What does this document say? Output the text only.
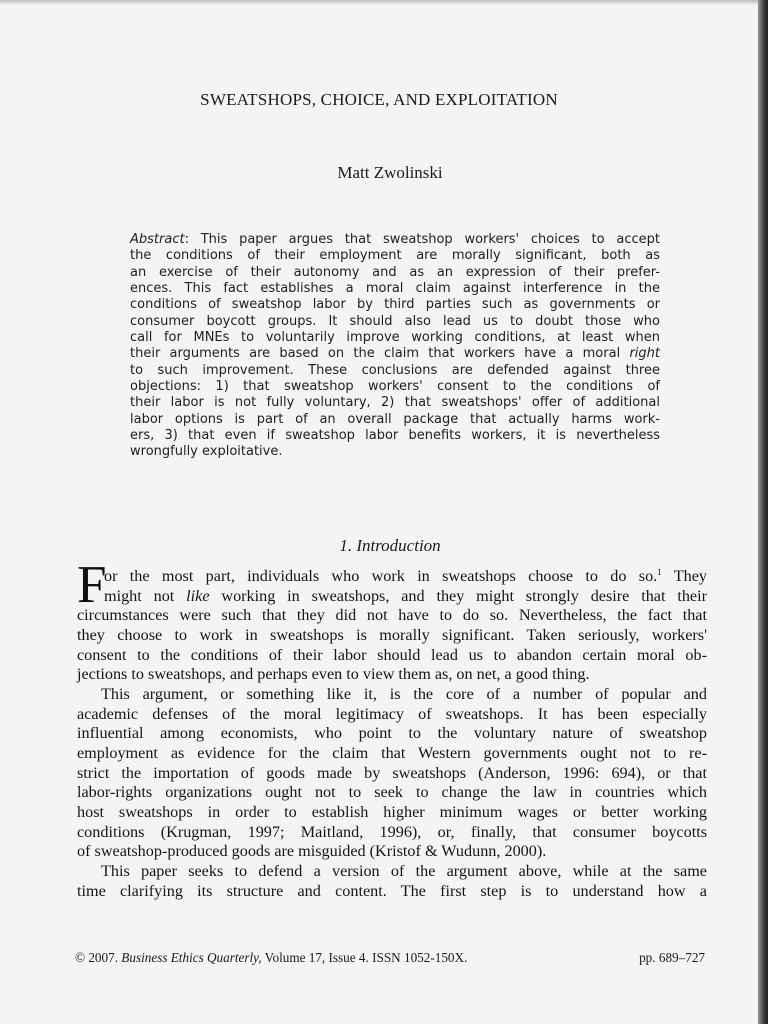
SWEATSHOPS, CHOICE, AND EXPLOITATION
Matt Zwolinski
Abstract: This paper argues that sweatshop workers' choices to accept
the conditions of their employment are morally significant, both as
an exercise of their autonomy and as an expression of their prefer-
ences. This fact establishes a moral claim against interference in the
conditions of sweatshop labor by third parties such as governments or
consumer boycott groups. It should also lead us to doubt those who
call for MNEs to voluntarily improve working conditions, at least when
their arguments are based on the claim that workers have a moral right
to such improvement. These conclusions are defended against three
objections: 1) that sweatshop workers' consent to the conditions of
their labor is not fully voluntary, 2) that sweatshops' offer of additional
labor options is part of an overall package that actually harms work-
ers, 3) that even if sweatshop labor benefits workers, it is nevertheless
wrongfully exploitative.
1. Introduction
F
or the most part, individuals who work in sweatshops choose to do so.$^1$ They
might not like working in sweatshops, and they might strongly desire that their
circumstances were such that they did not have to do so. Nevertheless, the fact that
they choose to work in sweatshops is morally significant. Taken seriously, workers'
consent to the conditions of their labor should lead us to abandon certain moral ob-
jections to sweatshops, and perhaps even to view them as, on net, a good thing.
This argument, or something like it, is the core of a number of popular and
academic defenses of the moral legitimacy of sweatshops. It has been especially
influential among economists, who point to the voluntary nature of sweatshop
employment as evidence for the claim that Western governments ought not to re-
strict the importation of goods made by sweatshops (Anderson, 1996: 694), or that
labor-rights organizations ought not to seek to change the law in countries which
host sweatshops in order to establish higher minimum wages or better working
conditions (Krugman, 1997; Maitland, 1996), or, finally, that consumer boycotts
of sweatshop-produced goods are misguided (Kristof & Wudunn, 2000).
This paper seeks to defend a version of the argument above, while at the same
time clarifying its structure and content. The first step is to understand how a
© 2007. Business Ethics Quarterly, Volume 17, Issue 4. ISSN 1052-150X.	pp. 689–727
